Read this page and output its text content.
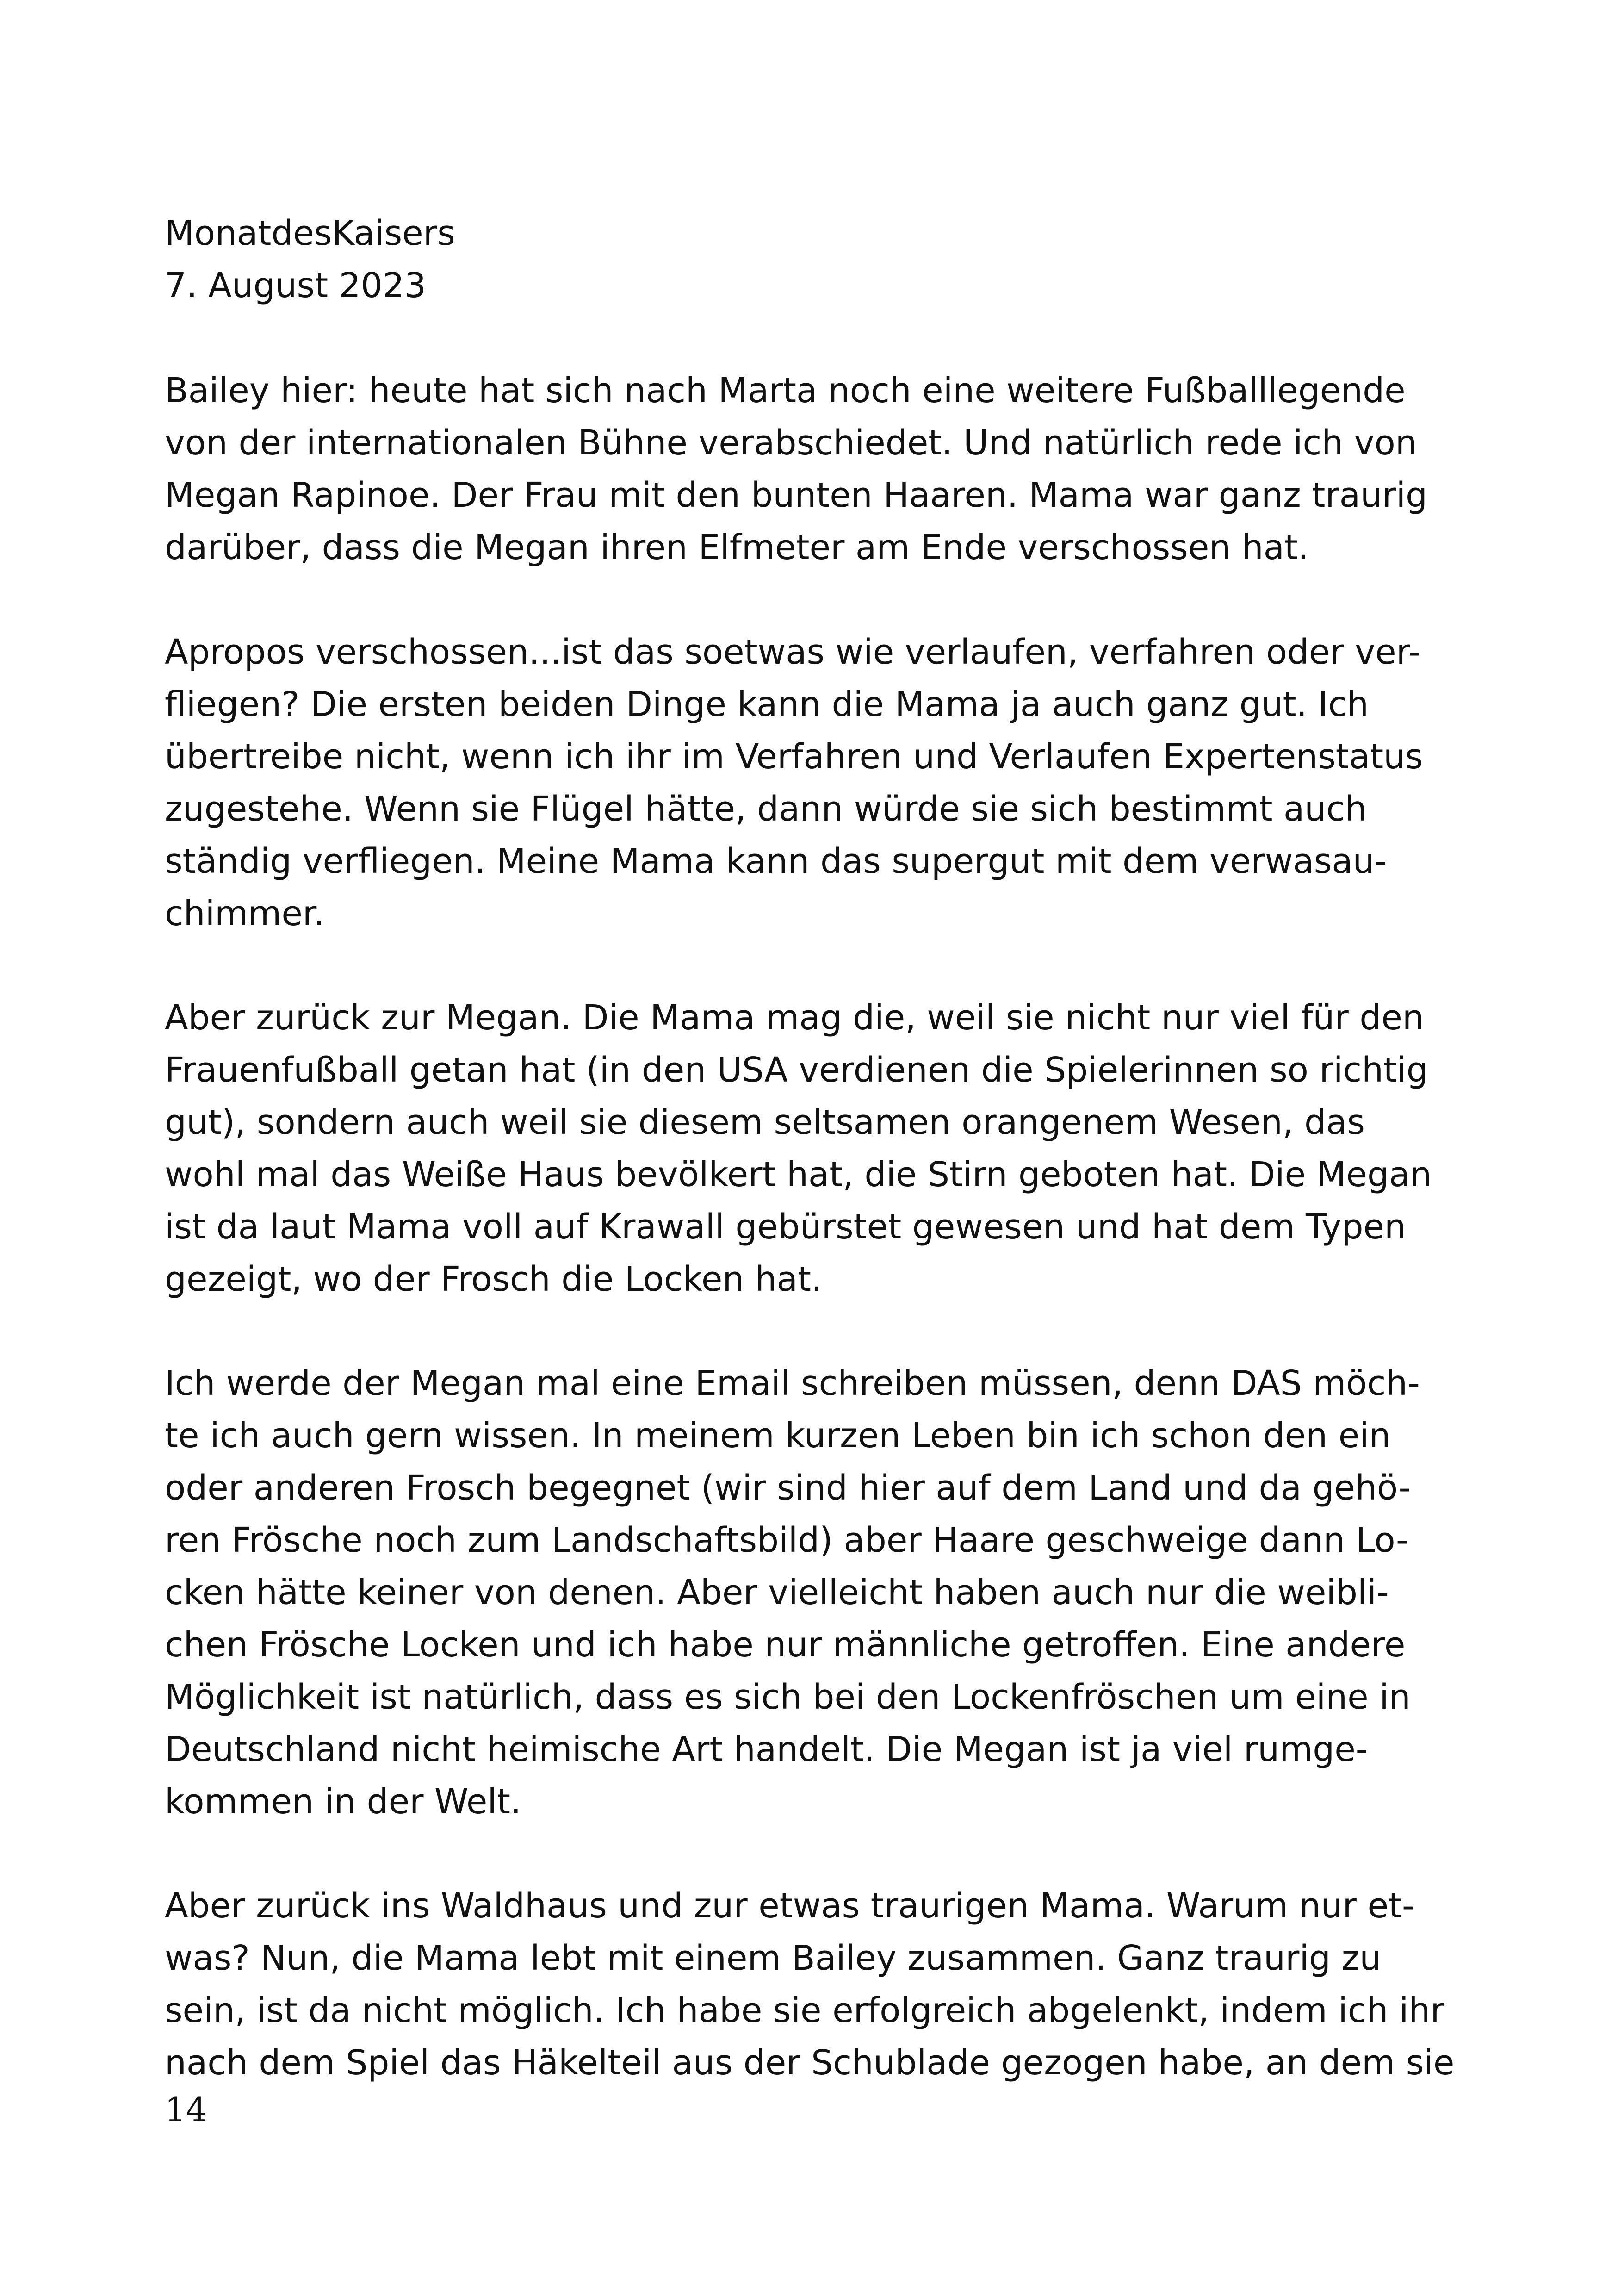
MonatdesKaisers
7. August 2023
Bailey hier: heute hat sich nach Marta noch eine weitere Fußballlegende
von der internationalen Bühne verabschiedet. Und natürlich rede ich von
Megan Rapinoe. Der Frau mit den bunten Haaren. Mama war ganz traurig
darüber, dass die Megan ihren Elfmeter am Ende verschossen hat.
Apropos verschossen...ist das soetwas wie verlaufen, verfahren oder ver-
fliegen? Die ersten beiden Dinge kann die Mama ja auch ganz gut. Ich
übertreibe nicht, wenn ich ihr im Verfahren und Verlaufen Expertenstatus
zugestehe. Wenn sie Flügel hätte, dann würde sie sich bestimmt auch
ständig verfliegen. Meine Mama kann das supergut mit dem verwasau-
chimmer.
Aber zurück zur Megan. Die Mama mag die, weil sie nicht nur viel für den
Frauenfußball getan hat (in den USA verdienen die Spielerinnen so richtig
gut), sondern auch weil sie diesem seltsamen orangenem Wesen, das
wohl mal das Weiße Haus bevölkert hat, die Stirn geboten hat. Die Megan
ist da laut Mama voll auf Krawall gebürstet gewesen und hat dem Typen
gezeigt, wo der Frosch die Locken hat.
Ich werde der Megan mal eine Email schreiben müssen, denn DAS möch-
te ich auch gern wissen. In meinem kurzen Leben bin ich schon den ein
oder anderen Frosch begegnet (wir sind hier auf dem Land und da gehö-
ren Frösche noch zum Landschaftsbild) aber Haare geschweige dann Lo-
cken hätte keiner von denen. Aber vielleicht haben auch nur die weibli-
chen Frösche Locken und ich habe nur männliche getroffen. Eine andere
Möglichkeit ist natürlich, dass es sich bei den Lockenfröschen um eine in
Deutschland nicht heimische Art handelt. Die Megan ist ja viel rumge-
kommen in der Welt.
Aber zurück ins Waldhaus und zur etwas traurigen Mama. Warum nur et-
was? Nun, die Mama lebt mit einem Bailey zusammen. Ganz traurig zu
sein, ist da nicht möglich. Ich habe sie erfolgreich abgelenkt, indem ich ihr
nach dem Spiel das Häkelteil aus der Schublade gezogen habe, an dem sie
14
